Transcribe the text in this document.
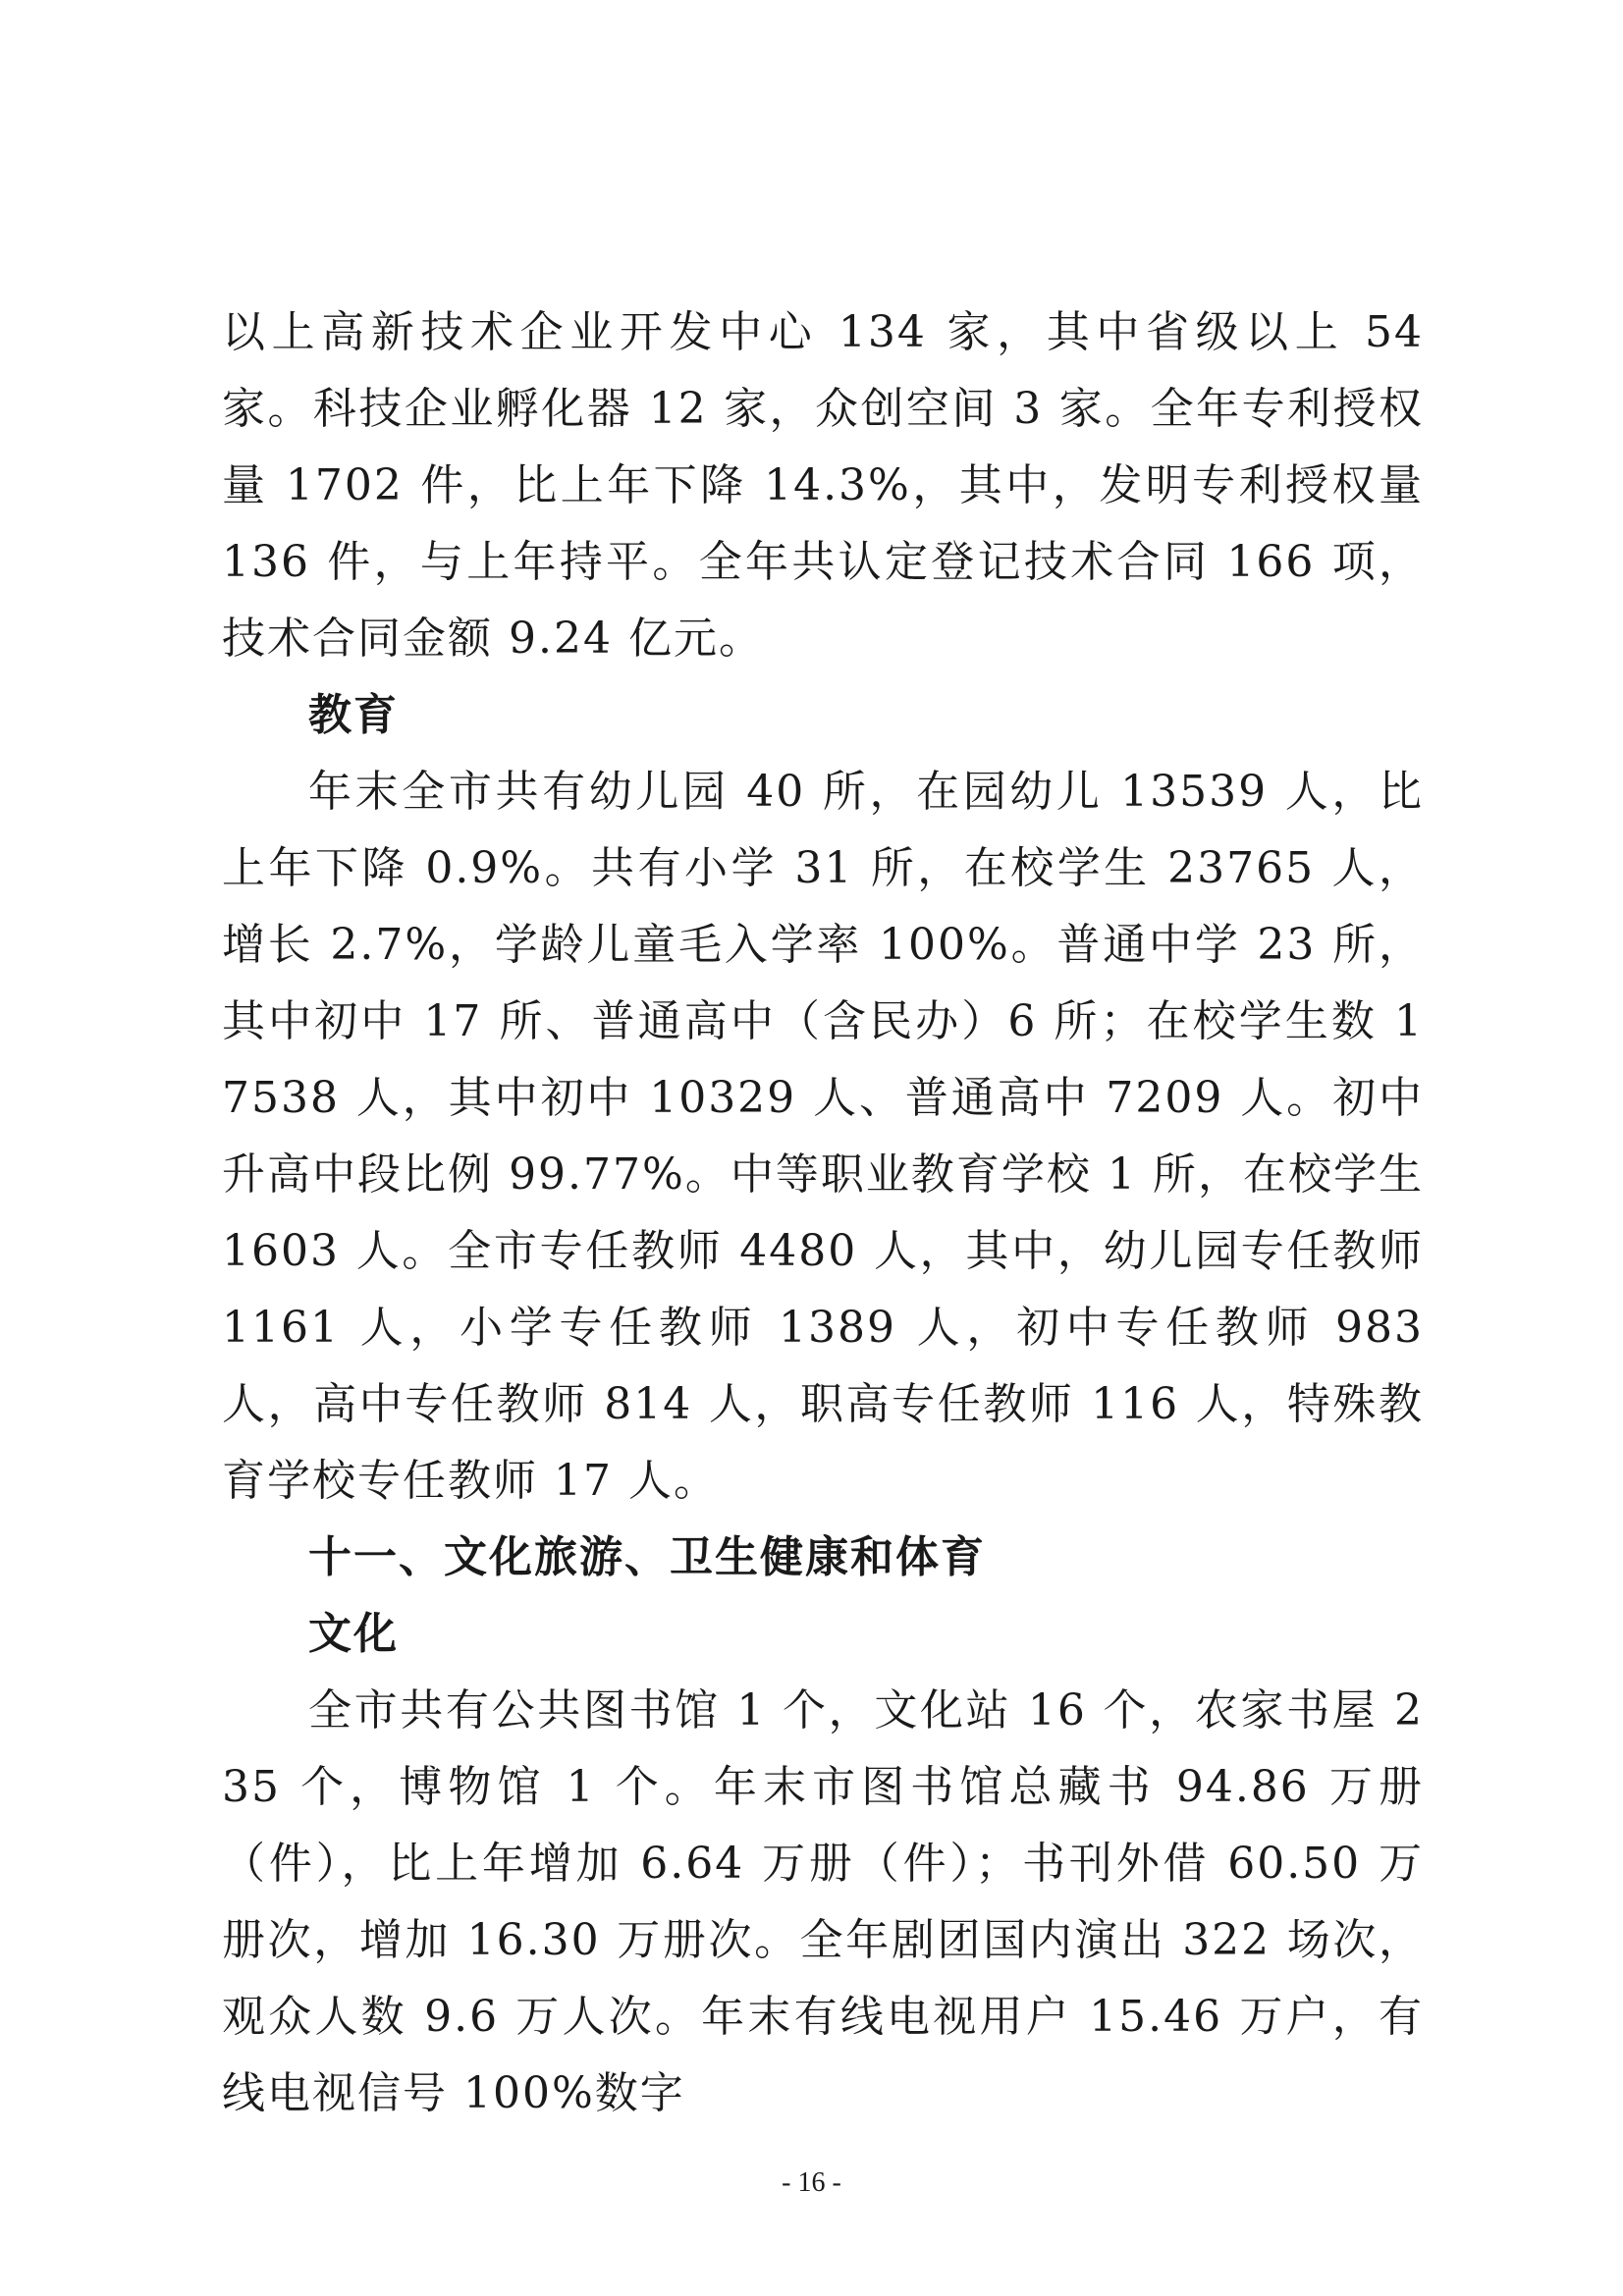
以上高新技术企业开发中心 134 家，其中省级以上 54 家。科技企业孵化器 12 家，众创空间 3 家。全年专利授权量 1702 件，比上年下降 14.3%，其中，发明专利授权量 136 件，与上年持平。全年共认定登记技术合同 166 项，技术合同金额 9.24 亿元。

教育

年末全市共有幼儿园 40 所，在园幼儿 13539 人，比上年下降 0.9%。共有小学 31 所，在校学生 23765 人，增长 2.7%，学龄儿童毛入学率 100%。普通中学 23 所，其中初中 17 所、普通高中（含民办）6 所；在校学生数 17538 人，其中初中 10329 人、普通高中 7209 人。初中升高中段比例 99.77%。中等职业教育学校 1 所，在校学生 1603 人。全市专任教师 4480 人，其中，幼儿园专任教师 1161 人，小学专任教师 1389 人，初中专任教师 983 人，高中专任教师 814 人，职高专任教师 116 人，特殊教育学校专任教师 17 人。

十一、文化旅游、卫生健康和体育

文化

全市共有公共图书馆 1 个，文化站 16 个，农家书屋 235 个，博物馆 1 个。年末市图书馆总藏书 94.86 万册（件），比上年增加 6.64 万册（件）；书刊外借 60.50 万册次，增加 16.30 万册次。全年剧团国内演出 322 场次，观众人数 9.6 万人次。年末有线电视用户 15.46 万户，有线电视信号 100%数字

- 16 -
